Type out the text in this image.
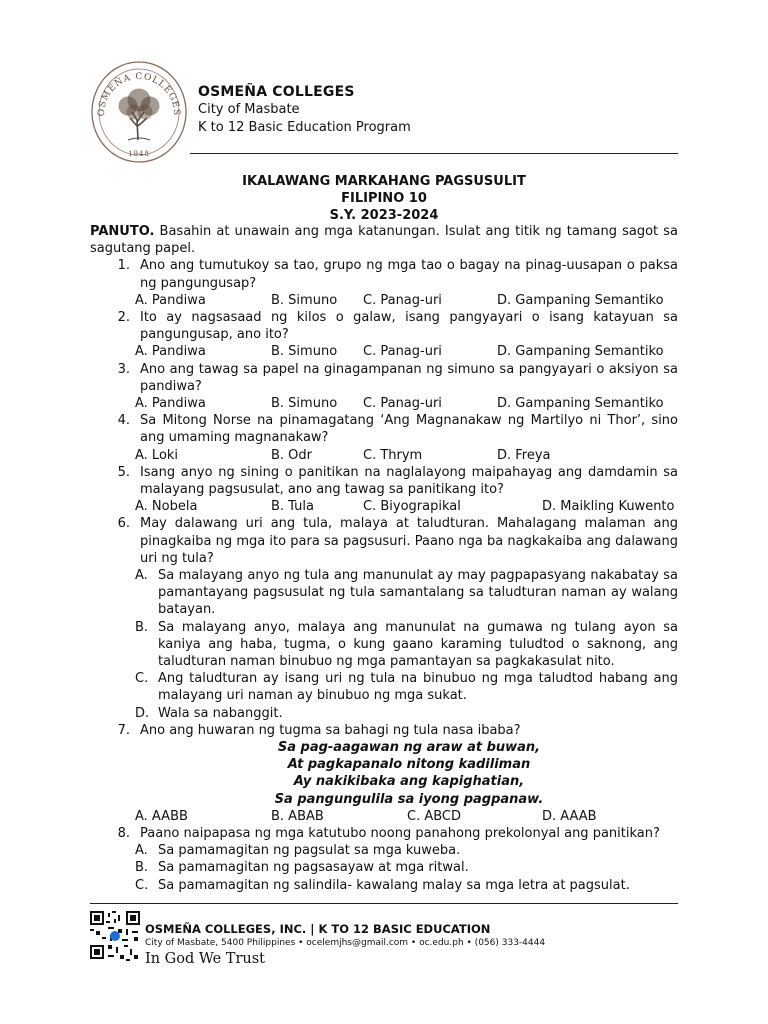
OSMEÑA COLLEGES
1948
OSMEÑA COLLEGES
City of Masbate
K to 12 Basic Education Program
IKALAWANG MARKAHANG PAGSUSULIT
FILIPINO 10
S.Y. 2023-2024
PANUTO. Basahin at unawain ang mga katanungan. Isulat ang titik ng tamang sagot sa sagutang papel.
1. Ano ang tumutukoy sa tao, grupo ng mga tao o bagay na pinag-uusapan o paksa ng pangungusap?
A. Pandiwa	B. Simuno C. Panag-uri	D. Gampaning Semantiko
2. Ito ay nagsasaad ng kilos o galaw, isang pangyayari o isang katayuan sa pangungusap, ano ito?
A. Pandiwa	B. Simuno C. Panag-uri	D. Gampaning Semantiko
3. Ano ang tawag sa papel na ginagampanan ng simuno sa pangyayari o aksiyon sa pandiwa?
A. Pandiwa	B. Simuno C. Panag-uri	D. Gampaning Semantiko
4. Sa Mitong Norse na pinamagatang ‘Ang Magnanakaw ng Martilyo ni Thor’, sino ang umaming magnanakaw?
A. Loki	B. Odr	C. Thrym	D. Freya
5. Isang anyo ng sining o panitikan na naglalayong maipahayag ang damdamin sa malayang pagsusulat, ano ang tawag sa panitikang ito?
A. Nobela	B. Tula	C. Biyograpikal	D. Maikling Kuwento
6. May dalawang uri ang tula, malaya at taludturan. Mahalagang malaman ang pinagkaiba ng mga ito para sa pagsusuri. Paano nga ba nagkakaiba ang dalawang uri ng tula?
A. Sa malayang anyo ng tula ang manunulat ay may pagpapasyang nakabatay sa pamantayang pagsusulat ng tula samantalang sa taludturan naman ay walang batayan.
B. Sa malayang anyo, malaya ang manunulat na gumawa ng tulang ayon sa kaniya ang haba, tugma, o kung gaano karaming tuludtod o saknong, ang taludturan naman binubuo ng mga pamantayan sa pagkakasulat nito.
C. Ang taludturan ay isang uri ng tula na binubuo ng mga taludtod habang ang malayang uri naman ay binubuo ng mga sukat.
D. Wala sa nabanggit.
7. Ano ang huwaran ng tugma sa bahagi ng tula nasa ibaba?
Sa pag-aagawan ng araw at buwan,
At pagkapanalo nitong kadiliman
Ay nakikibaka ang kapighatian,
Sa pangungulila sa iyong pagpanaw.
A. AABB	B. ABAB	C. ABCD	D. AAAB
8. Paano naipapasa ng mga katutubo noong panahong prekolonyal ang panitikan?
A. Sa pamamagitan ng pagsulat sa mga kuweba.
B. Sa pamamagitan ng pagsasayaw at mga ritwal.
C. Sa pamamagitan ng salindila- kawalang malay sa mga letra at pagsulat.
OSMEÑA COLLEGES, INC. | K TO 12 BASIC EDUCATION
City of Masbate, 5400 Philippines • ocelemjhs@gmail.com • oc.edu.ph • (056) 333-4444
In God We Trust
